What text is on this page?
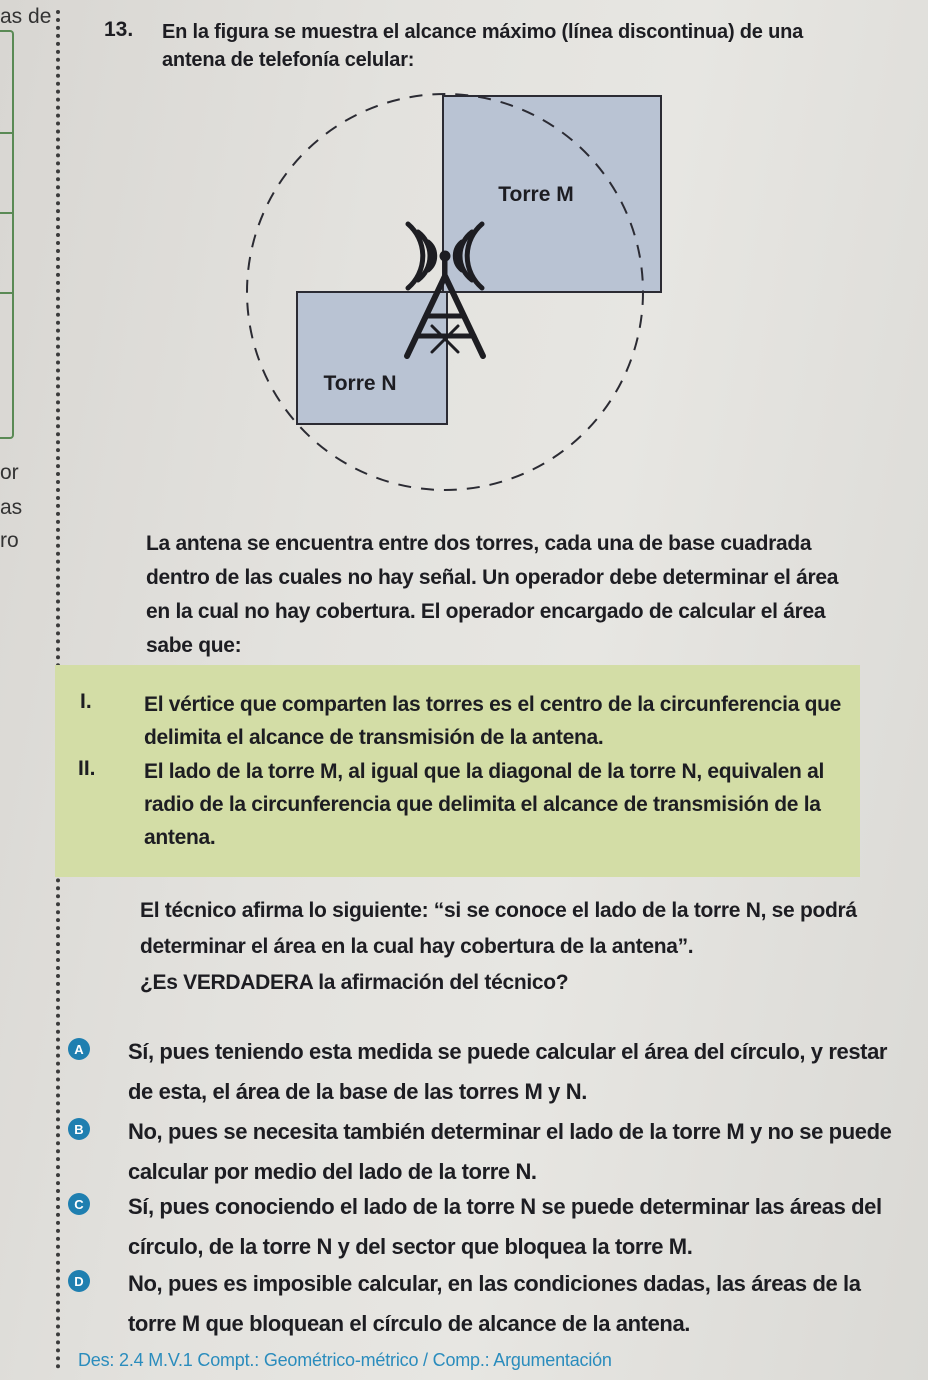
as de
or
as
ro
13. En la figura se muestra el alcance máximo (línea discontinua) de una antena de telefonía celular:
Torre M
Torre N
La antena se encuentra entre dos torres, cada una de base cuadrada dentro de las cuales no hay señal. Un operador debe determinar el área en la cual no hay cobertura. El operador encargado de calcular el área sabe que:
I. El vértice que comparten las torres es el centro de la circunferencia que delimita el alcance de transmisión de la antena.
II. El lado de la torre M, al igual que la diagonal de la torre N, equivalen al radio de la circunferencia que delimita el alcance de transmisión de la antena.
El técnico afirma lo siguiente: “si se conoce el lado de la torre N, se podrá determinar el área en la cual hay cobertura de la antena”.
¿Es VERDADERA la afirmación del técnico?
A Sí, pues teniendo esta medida se puede calcular el área del círculo, y restar de esta, el área de la base de las torres M y N.
B No, pues se necesita también determinar el lado de la torre M y no se puede calcular por medio del lado de la torre N.
C Sí, pues conociendo el lado de la torre N se puede determinar las áreas del círculo, de la torre N y del sector que bloquea la torre M.
D No, pues es imposible calcular, en las condiciones dadas, las áreas de la torre M que bloquean el círculo de alcance de la antena.
Des: 2.4 M.V.1 Compt.: Geométrico-métrico / Comp.: Argumentación
